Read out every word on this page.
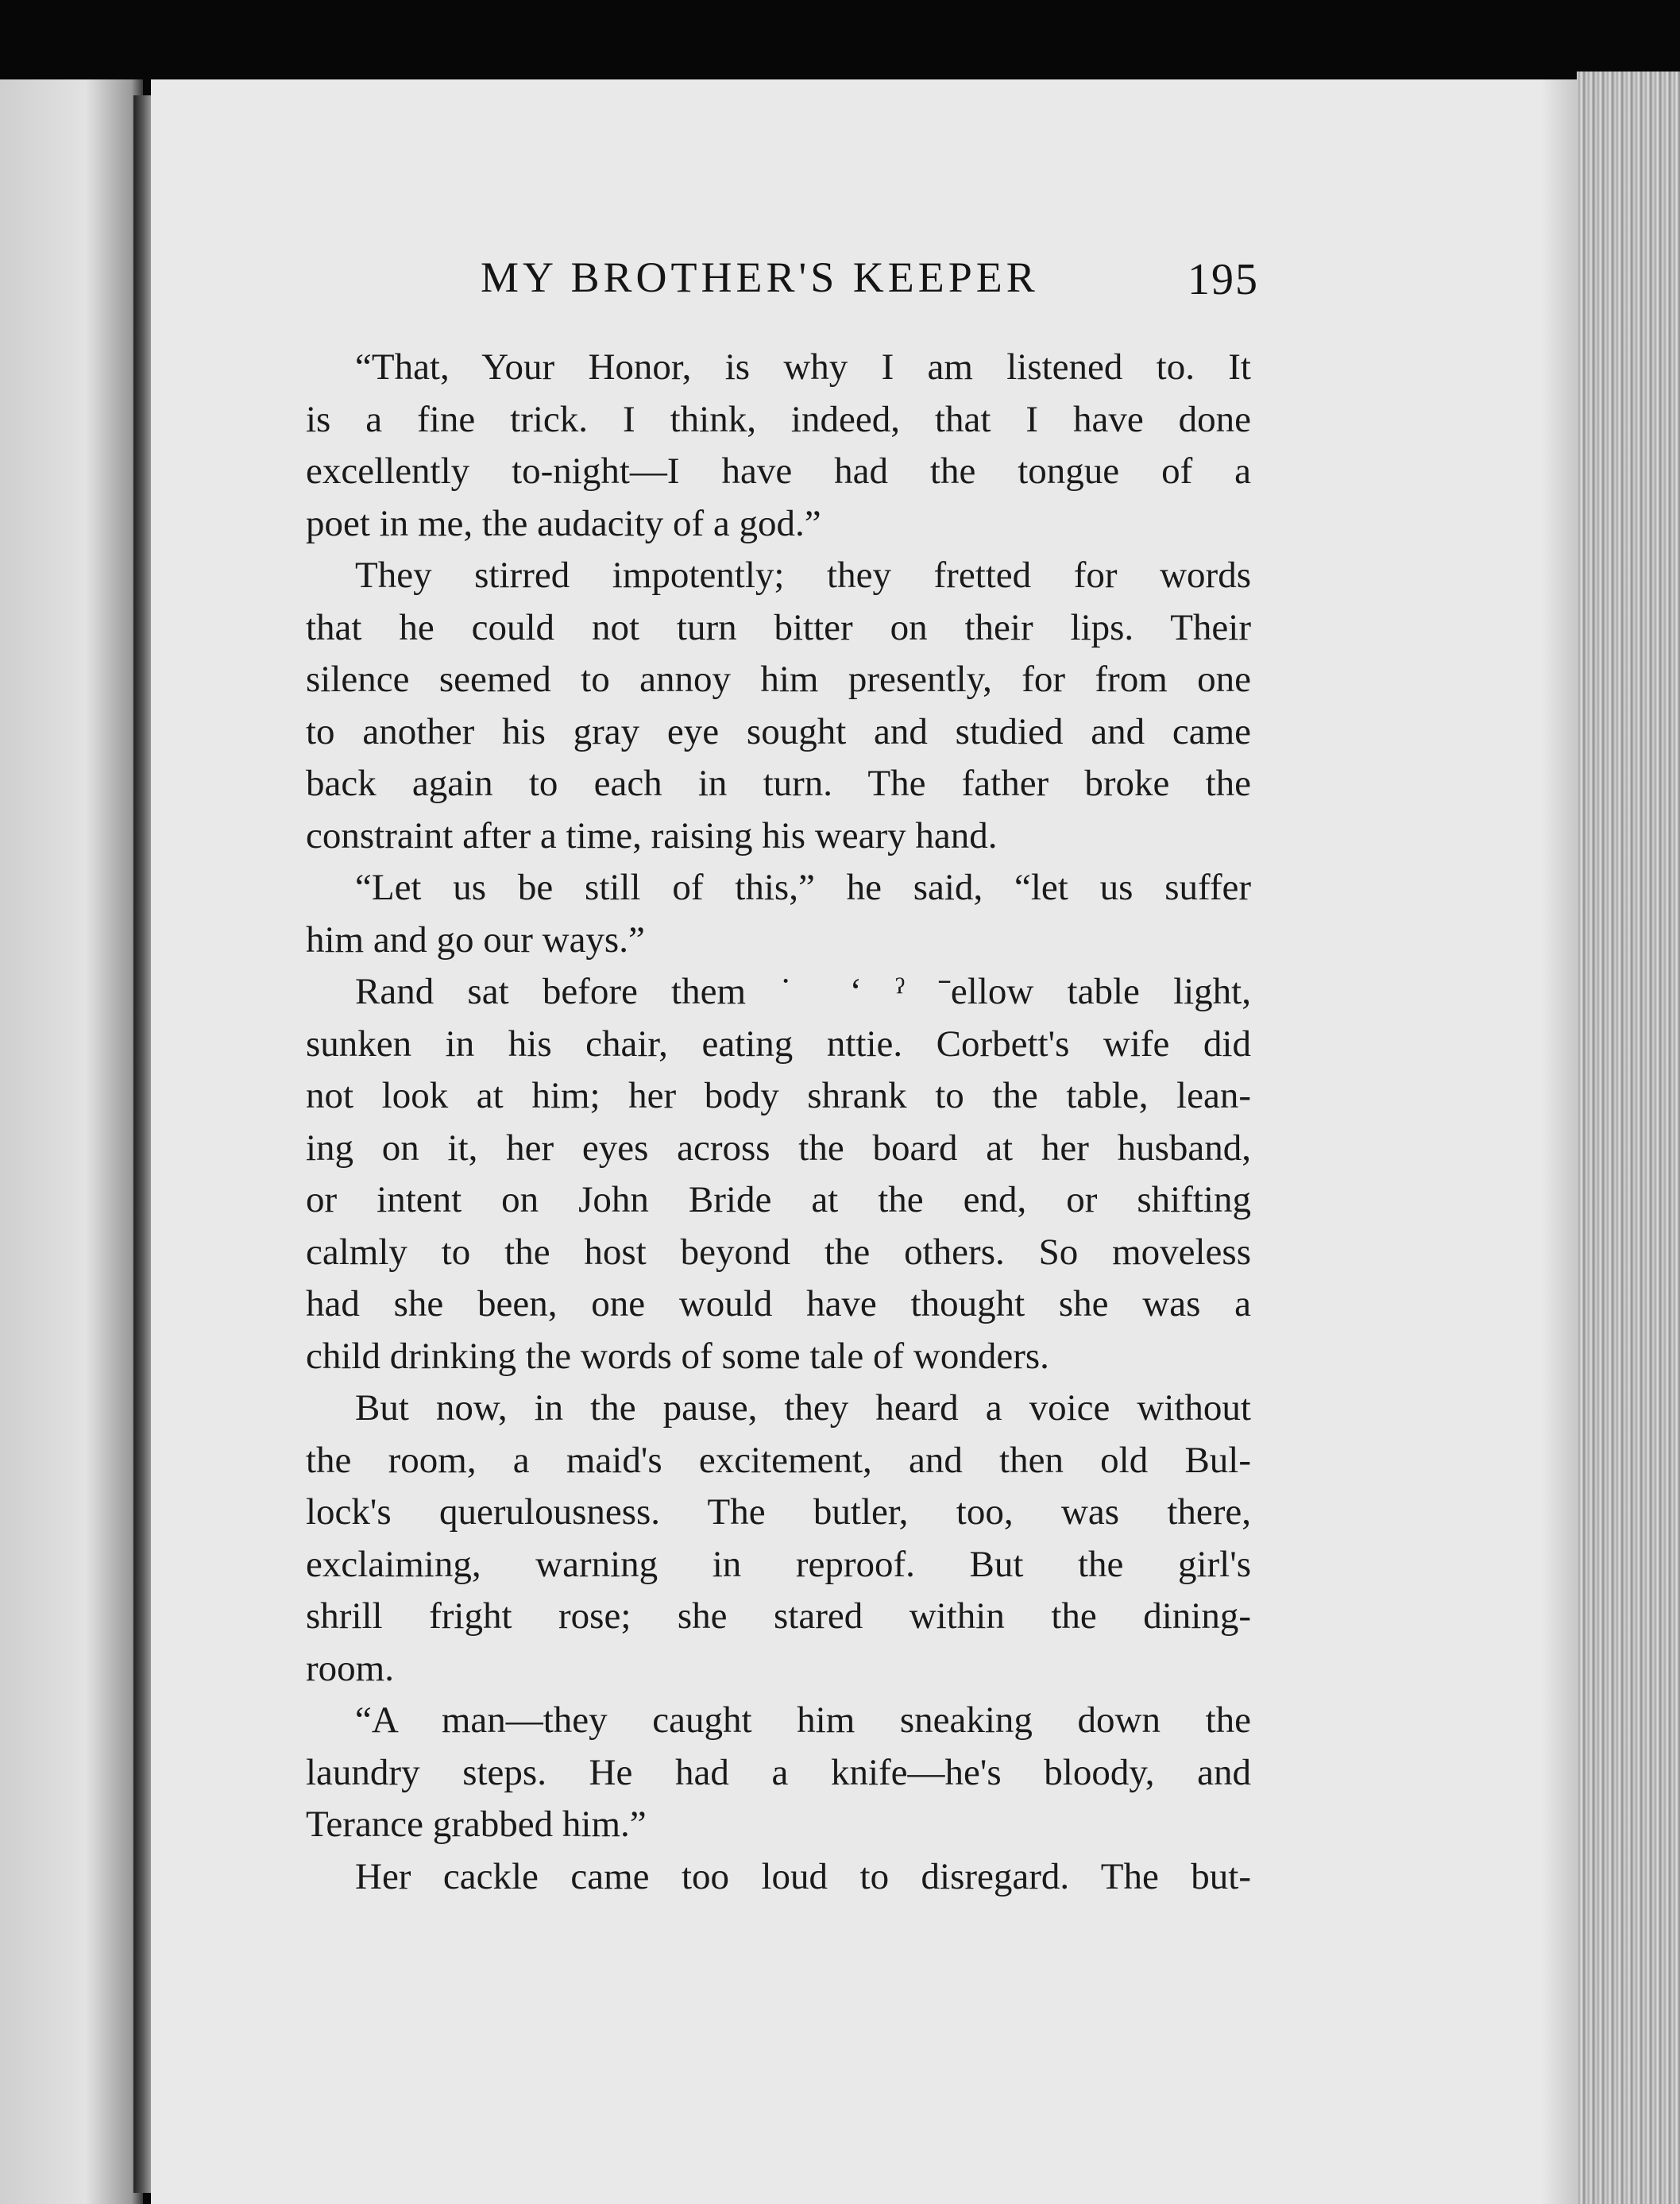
MY BROTHER'S KEEPER	195
“That, Your Honor, is why I am listened to. It
is a fine trick. I think, indeed, that I have done
excellently to-night—I have had the tongue of a
poet in me, the audacity of a god.”
They stirred impotently; they fretted for words
that he could not turn bitter on their lips. Their
silence seemed to annoy him presently, for from one
to another his gray eye sought and studied and came
back again to each in turn. The father broke the
constraint after a time, raising his weary hand.
“Let us be still of this,” he said, “let us suffer
him and go our ways.”
Rand sat before them ˙ ‘ ˀ ˉellow table light,
sunken in his chair, eating nttie. Corbett's wife did
not look at him; her body shrank to the table, lean-
ing on it, her eyes across the board at her husband,
or intent on John Bride at the end, or shifting
calmly to the host beyond the others. So moveless
had she been, one would have thought she was a
child drinking the words of some tale of wonders.
But now, in the pause, they heard a voice without
the room, a maid's excitement, and then old Bul-
lock's querulousness. The butler, too, was there,
exclaiming, warning in reproof. But the girl's
shrill fright rose; she stared within the dining-
room.
“A man—they caught him sneaking down the
laundry steps. He had a knife—he's bloody, and
Terance grabbed him.”
Her cackle came too loud to disregard. The but-
